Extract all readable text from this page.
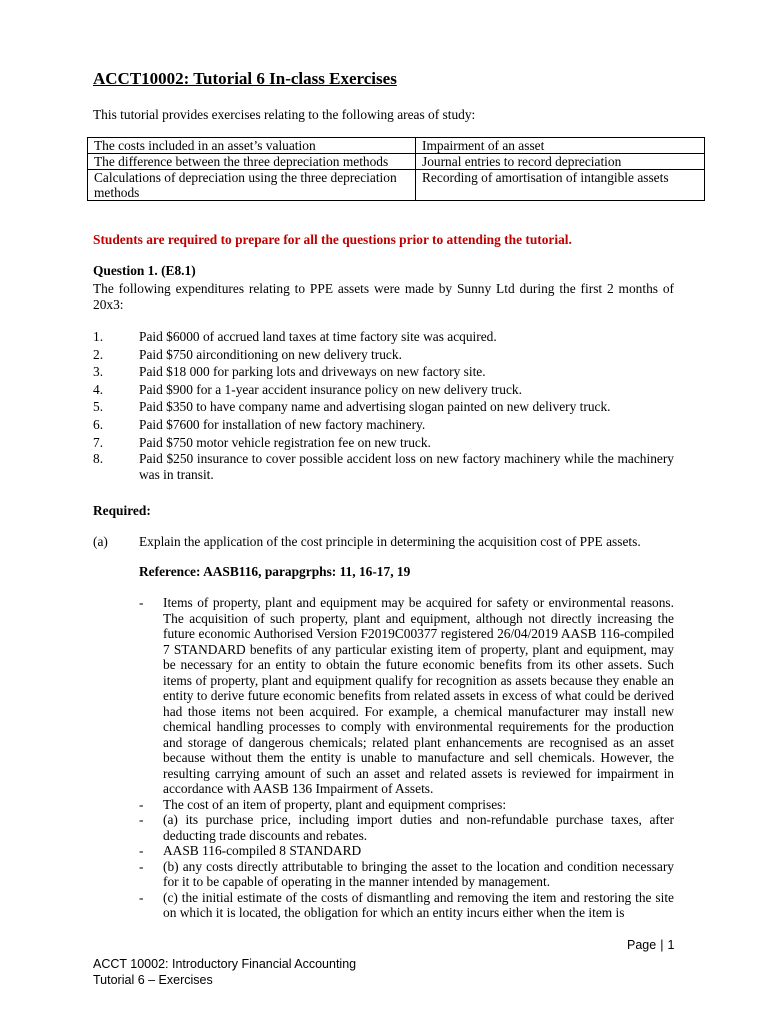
ACCT10002: Tutorial 6 In-class Exercises
This tutorial provides exercises relating to the following areas of study:
The costs included in an asset’s valuation	Impairment of an asset
The difference between the three depreciation methods	Journal entries to record depreciation
Calculations of depreciation using the three depreciation methods	Recording of amortisation of intangible assets
Students are required to prepare for all the questions prior to attending the tutorial.
Question 1. (E8.1)
The following expenditures relating to PPE assets were made by Sunny Ltd during the first 2 months of 20x3:
1.	Paid $6000 of accrued land taxes at time factory site was acquired.
2.	Paid $750 airconditioning on new delivery truck.
3.	Paid $18 000 for parking lots and driveways on new factory site.
4.	Paid $900 for a 1-year accident insurance policy on new delivery truck.
5.	Paid $350 to have company name and advertising slogan painted on new delivery truck.
6.	Paid $7600 for installation of new factory machinery.
7.	Paid $750 motor vehicle registration fee on new truck.
8.	Paid $250 insurance to cover possible accident loss on new factory machinery while the machinery was in transit.
Required:
(a) Explain the application of the cost principle in determining the acquisition cost of PPE assets.
Reference: AASB116, parapgrphs: 11, 16-17, 19
- Items of property, plant and equipment may be acquired for safety or environmental reasons. The acquisition of such property, plant and equipment, although not directly increasing the future economic Authorised Version F2019C00377 registered 26/04/2019 AASB 116-compiled 7 STANDARD benefits of any particular existing item of property, plant and equipment, may be necessary for an entity to obtain the future economic benefits from its other assets. Such items of property, plant and equipment qualify for recognition as assets because they enable an entity to derive future economic benefits from related assets in excess of what could be derived had those items not been acquired. For example, a chemical manufacturer may install new chemical handling processes to comply with environmental requirements for the production and storage of dangerous chemicals; related plant enhancements are recognised as an asset because without them the entity is unable to manufacture and sell chemicals. However, the resulting carrying amount of such an asset and related assets is reviewed for impairment in accordance with AASB 136 Impairment of Assets.
- The cost of an item of property, plant and equipment comprises:
- (a) its purchase price, including import duties and non-refundable purchase taxes, after deducting trade discounts and rebates.
- AASB 116-compiled 8 STANDARD
- (b) any costs directly attributable to bringing the asset to the location and condition necessary for it to be capable of operating in the manner intended by management.
- (c) the initial estimate of the costs of dismantling and removing the item and restoring the site on which it is located, the obligation for which an entity incurs either when the item is
Page | 1
ACCT 10002: Introductory Financial Accounting
Tutorial 6 – Exercises
